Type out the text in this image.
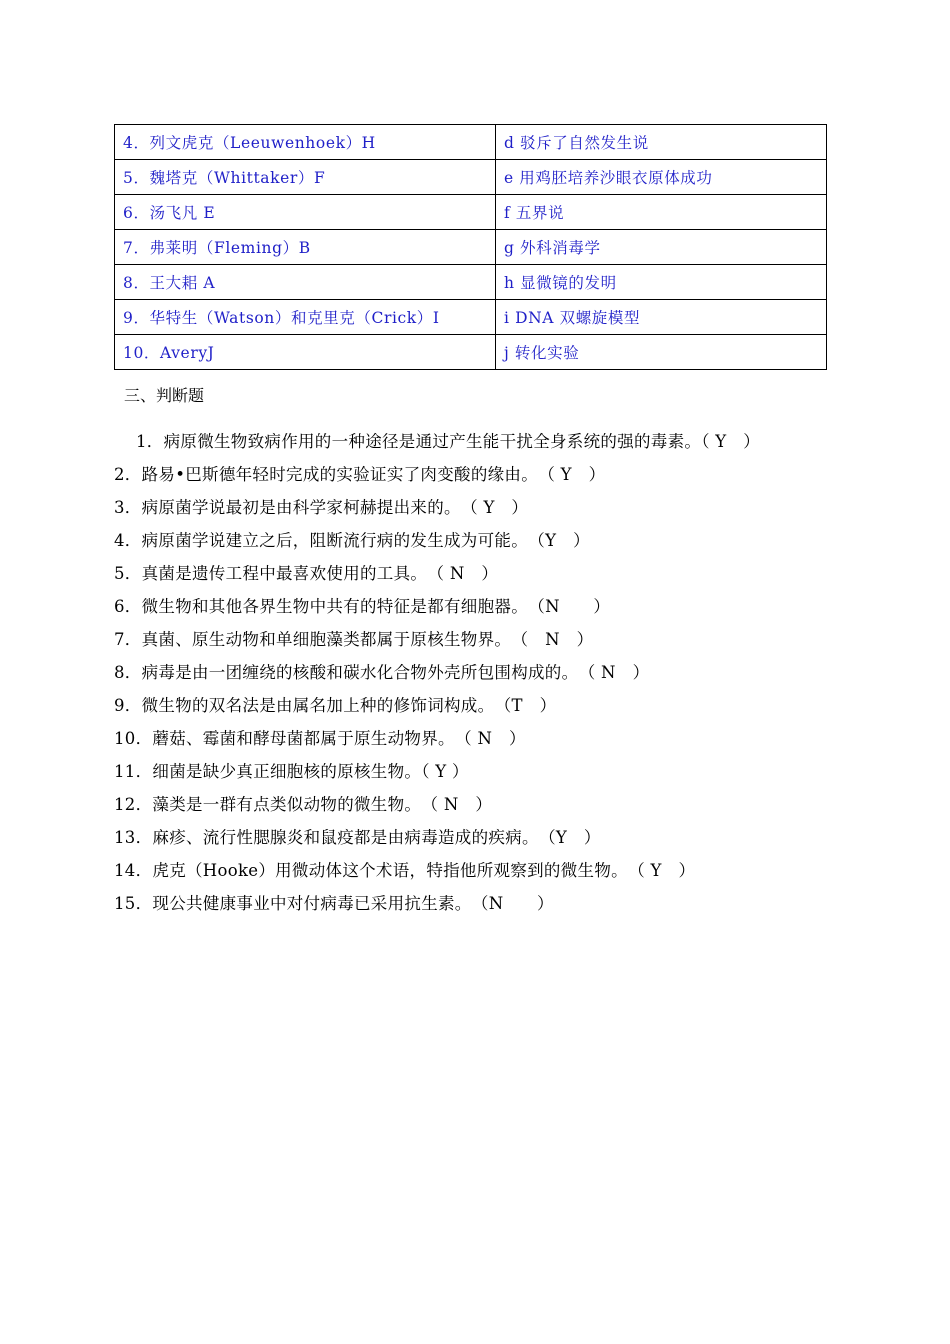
4．列文虎克（Leeuwenhoek）H	d 驳斥了自然发生说
5．魏塔克（Whittaker）F	e 用鸡胚培养沙眼衣原体成功
6．汤飞凡 E	f 五界说
7．弗莱明（Fleming）B	g 外科消毒学
8．王大耜 A	h 显微镜的发明
9．华特生（Watson）和克里克（Crick）I	i DNA 双螺旋模型
10．AveryJ	j 转化实验
三、判断题
1．病原微生物致病作用的一种途径是通过产生能干扰全身系统的强的毒素。（ Y　）
2．路易•巴斯德年轻时完成的实验证实了肉变酸的缘由。　（ Y　）
3．病原菌学说最初是由科学家柯赫提出来的。　（ Y　）
4．病原菌学说建立之后，阻断流行病的发生成为可能。　（Y　）
5．真菌是遗传工程中最喜欢使用的工具。　（ N　）
6．微生物和其他各界生物中共有的特征是都有细胞器。　（N　　）
7．真菌、原生动物和单细胞藻类都属于原核生物界。　（　N　）
8．病毒是由一团缠绕的核酸和碳水化合物外壳所包围构成的。　（ N　）
9．微生物的双名法是由属名加上种的修饰词构成。　（T　）
10．蘑菇、霉菌和酵母菌都属于原生动物界。　（ N　）
11．细菌是缺少真正细胞核的原核生物。（ Y ）
12．藻类是一群有点类似动物的微生物。　（ N　）
13．麻疹、流行性腮腺炎和鼠疫都是由病毒造成的疾病。　（Y　）
14．虎克（Hooke）用微动体这个术语，特指他所观察到的微生物。　（ Y　）
15．现公共健康事业中对付病毒已采用抗生素。　（N　　）
